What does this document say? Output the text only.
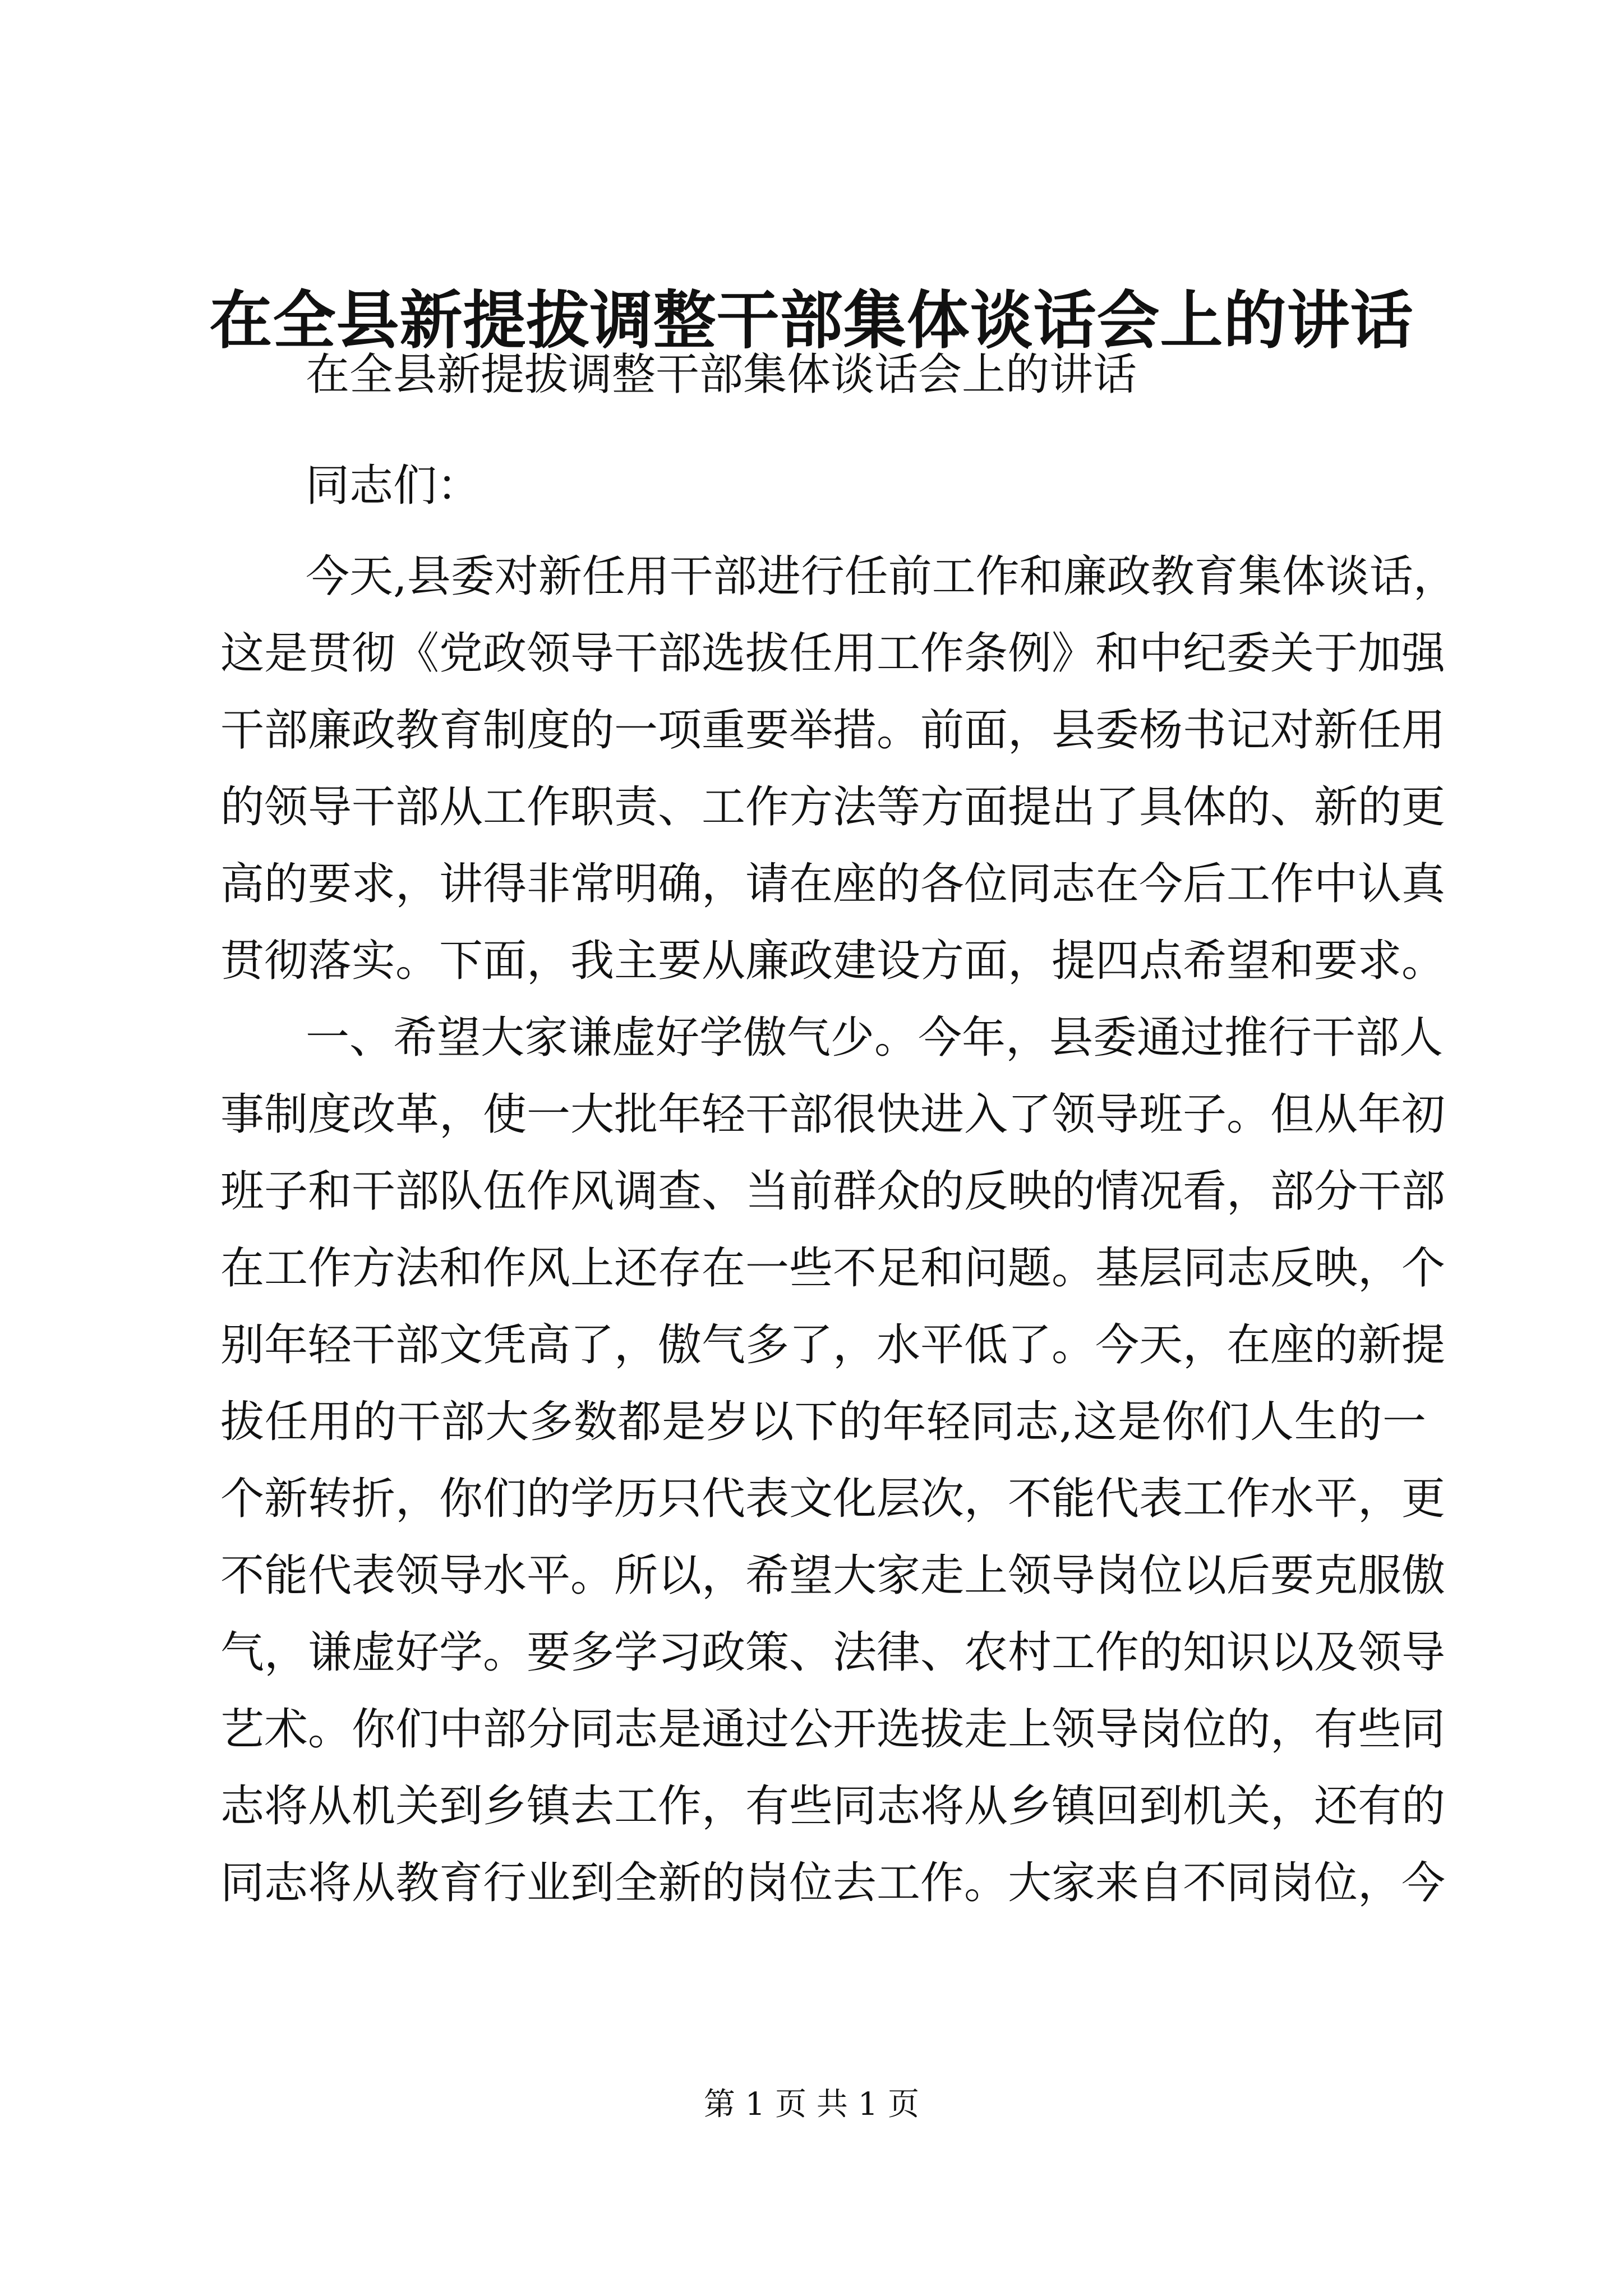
在全县新提拔调整干部集体谈话会上的讲话
在全县新提拔调整干部集体谈话会上的讲话
同志们：
今天,县委对新任用干部进行任前工作和廉政教育集体谈话，
这是贯彻《党政领导干部选拔任用工作条例》和中纪委关于加强
干部廉政教育制度的一项重要举措。前面，县委杨书记对新任用
的领导干部从工作职责、工作方法等方面提出了具体的、新的更
高的要求，讲得非常明确，请在座的各位同志在今后工作中认真
贯彻落实。下面，我主要从廉政建设方面，提四点希望和要求。
一、希望大家谦虚好学傲气少。今年，县委通过推行干部人
事制度改革，使一大批年轻干部很快进入了领导班子。但从年初
班子和干部队伍作风调查、当前群众的反映的情况看，部分干部
在工作方法和作风上还存在一些不足和问题。基层同志反映，个
别年轻干部文凭高了，傲气多了，水平低了。今天，在座的新提
拔任用的干部大多数都是岁以下的年轻同志,这是你们人生的一
个新转折，你们的学历只代表文化层次，不能代表工作水平，更
不能代表领导水平。所以，希望大家走上领导岗位以后要克服傲
气，谦虚好学。要多学习政策、法律、农村工作的知识以及领导
艺术。你们中部分同志是通过公开选拔走上领导岗位的，有些同
志将从机关到乡镇去工作，有些同志将从乡镇回到机关，还有的
同志将从教育行业到全新的岗位去工作。大家来自不同岗位，今
第 1 页 共 1 页
